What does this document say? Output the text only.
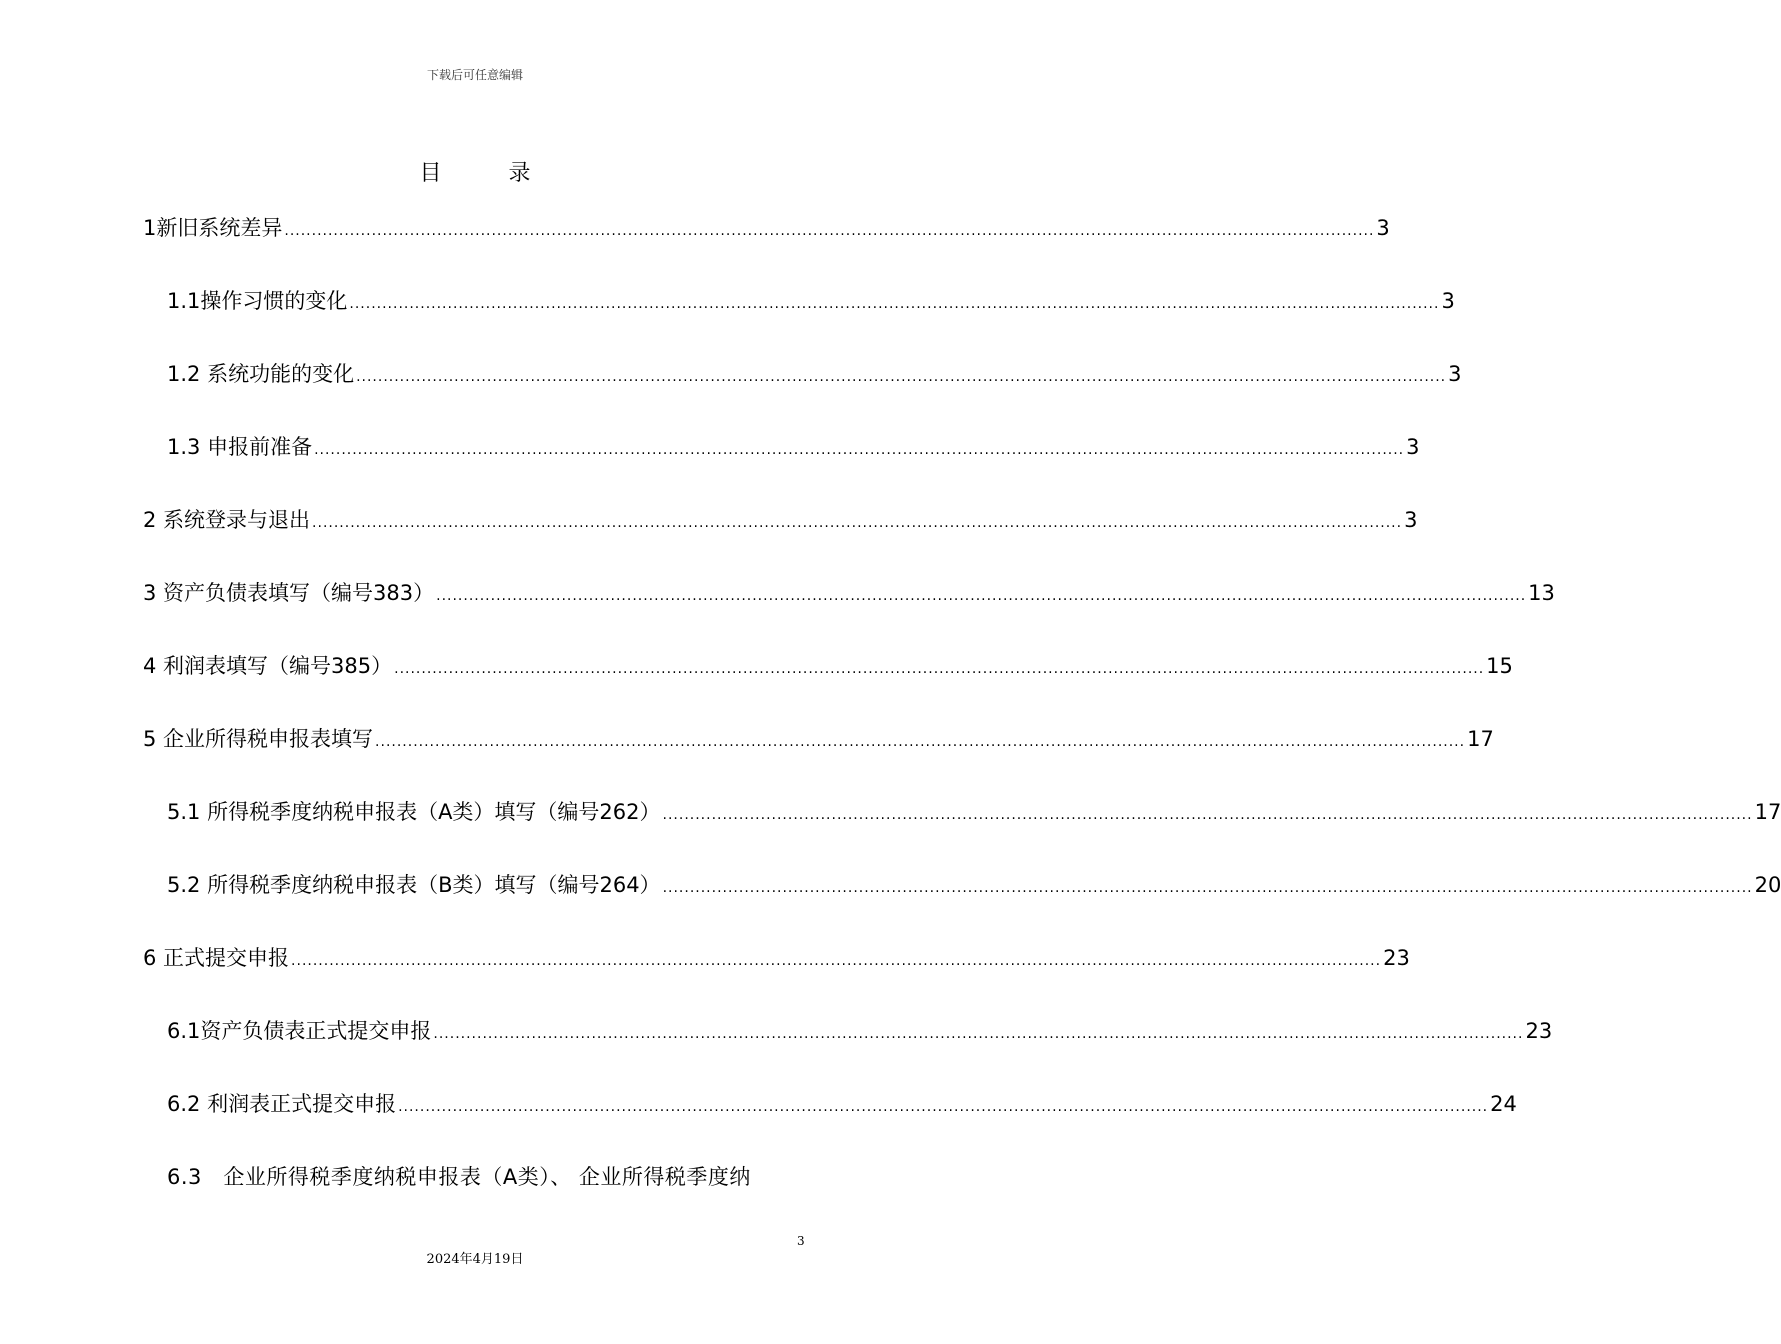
下载后可任意编辑
目 录
1新旧系统差异 ........................................................................................................................................................................................................ 3
1.1操作习惯的变化 ........................................................................................................................................................................................................ 3
1.2 系统功能的变化 ........................................................................................................................................................................................................ 3
1.3 申报前准备 ........................................................................................................................................................................................................ 3
2 系统登录与退出 ........................................................................................................................................................................................................ 3
3 资产负债表填写（编号383） ........................................................................................................................................................................................................ 13
4 利润表填写（编号385） ........................................................................................................................................................................................................ 15
5 企业所得税申报表填写 ........................................................................................................................................................................................................ 17
5.1 所得税季度纳税申报表（A类）填写（编号262） ........................................................................................................................................................................................................ 17
5.2 所得税季度纳税申报表（B类）填写（编号264） ........................................................................................................................................................................................................ 20
6 正式提交申报 ........................................................................................................................................................................................................ 23
6.1资产负债表正式提交申报 ........................................................................................................................................................................................................ 23
6.2 利润表正式提交申报 ........................................................................................................................................................................................................ 24
6.3　企业所得税季度纳税申报表（A类）、 企业所得税季度纳
3
2024年4月19日
